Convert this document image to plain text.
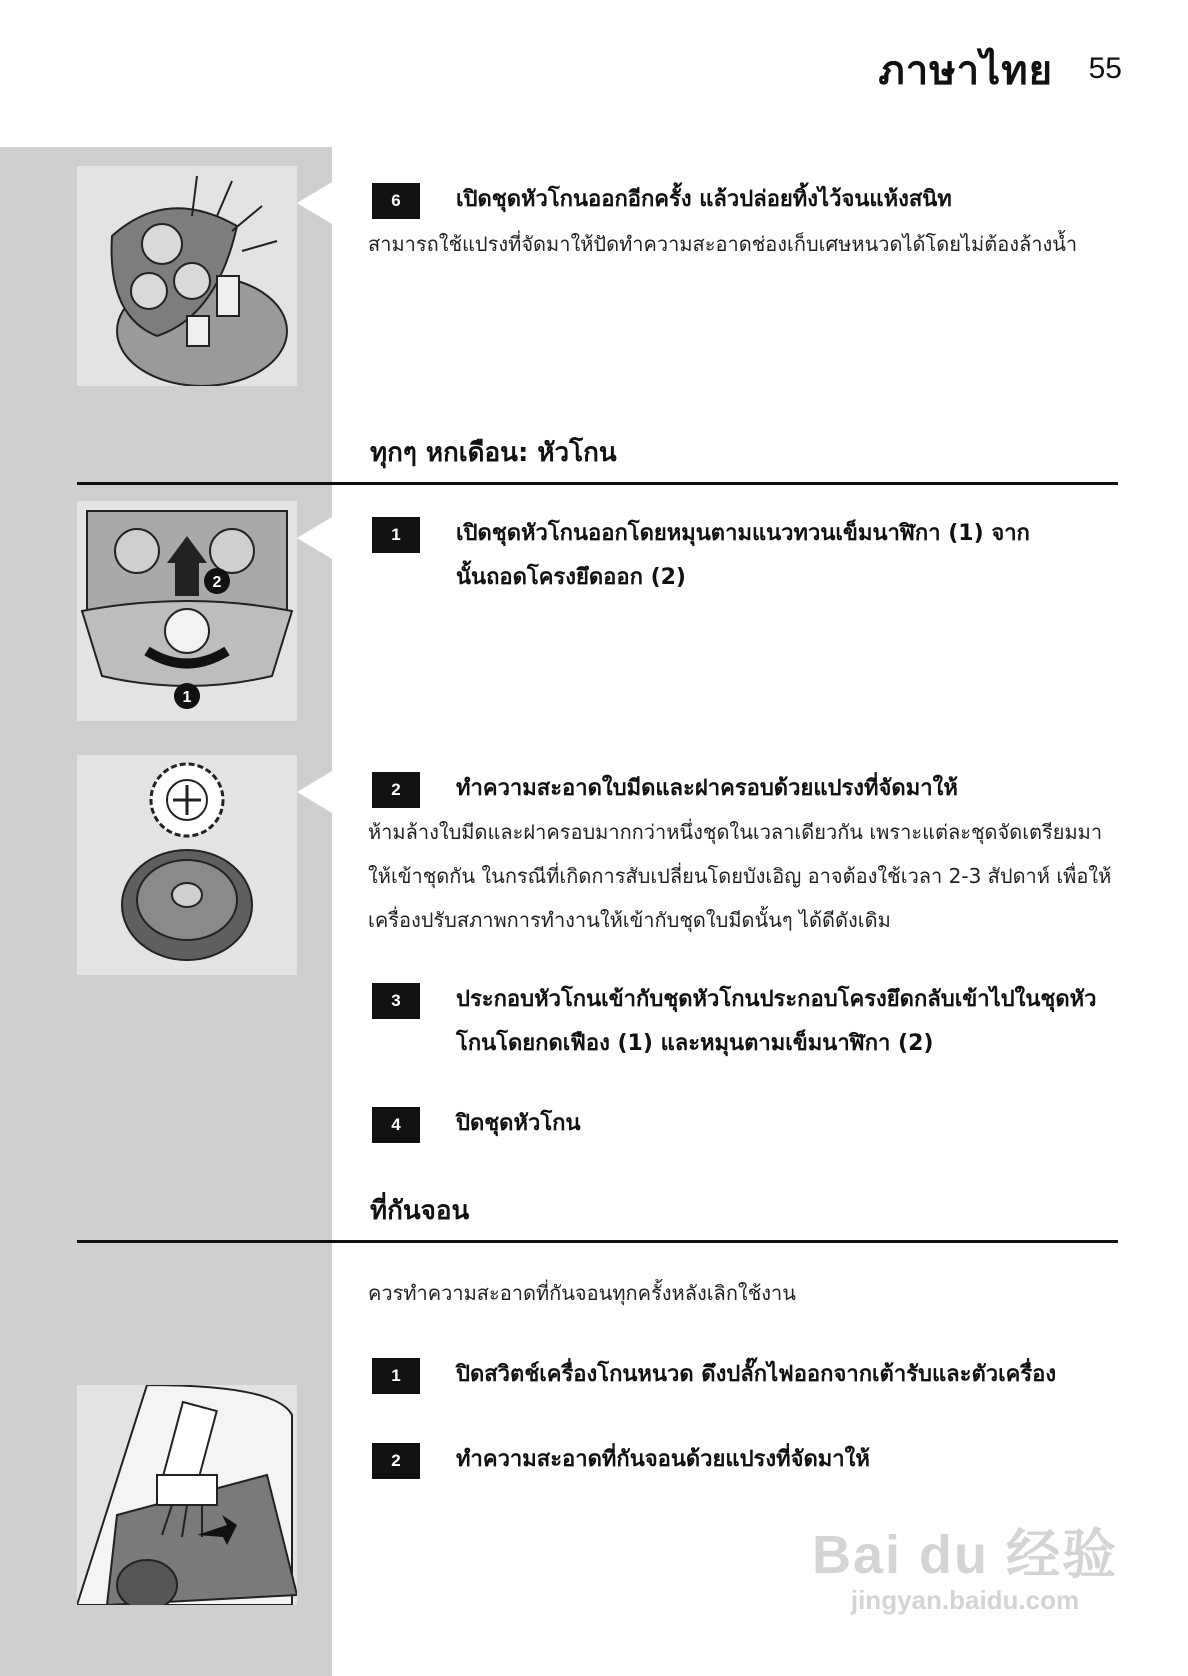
ภาษาไทย 55
2
1
6	เปิดชุดหัวโกนออกอีกครั้ง แล้วปล่อยทิ้งไว้จนแห้งสนิท
สามารถใช้แปรงที่จัดมาให้ปัดทำความสะอาดช่องเก็บเศษหนวดได้โดยไม่ต้องล้างน้ำ
ทุกๆ หกเดือน: หัวโกน
1	เปิดชุดหัวโกนออกโดยหมุนตามแนวทวนเข็มนาฬิกา (1) จากนั้นถอดโครงยึดออก (2)
2	ทำความสะอาดใบมีดและฝาครอบด้วยแปรงที่จัดมาให้
ห้ามล้างใบมีดและฝาครอบมากกว่าหนึ่งชุดในเวลาเดียวกัน เพราะแต่ละชุดจัดเตรียมมาให้เข้าชุดกัน ในกรณีที่เกิดการสับเปลี่ยนโดยบังเอิญ อาจต้องใช้เวลา 2-3 สัปดาห์ เพื่อให้เครื่องปรับสภาพการทำงานให้เข้ากับชุดใบมีดนั้นๆ ได้ดีดังเดิม
3	ประกอบหัวโกนเข้ากับชุดหัวโกนประกอบโครงยึดกลับเข้าไปในชุดหัวโกนโดยกดเฟือง (1) และหมุนตามเข็มนาฬิกา (2)
4	ปิดชุดหัวโกน
ที่กันจอน
ควรทำความสะอาดที่กันจอนทุกครั้งหลังเลิกใช้งาน
1	ปิดสวิตช์เครื่องโกนหนวด ดึงปลั๊กไฟออกจากเต้ารับและตัวเครื่อง
2	ทำความสะอาดที่กันจอนด้วยแปรงที่จัดมาให้
Bai du 经验
jingyan.baidu.com
